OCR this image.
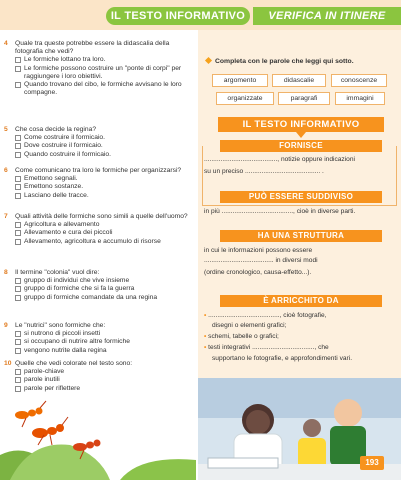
IL TESTO INFORMATIVO	VERIFICA IN ITINERE
4	Quale tra queste potrebbe essere la didascalia della fotografia che vedi?
Le formiche lottano tra loro.
Le formiche possono costruire un "ponte di corpi" per raggiungere i loro obiettivi.
Quando trovano del cibo, le formiche avvisano le loro compagne.
5	Che cosa decide la regina?
Come costruire il formicaio.
Dove costruire il formicaio.
Quando costruire il formicaio.
6	Come comunicano tra loro le formiche per organizzarsi?
Emettono segnali.
Emettono sostanze.
Lasciano delle tracce.
7	Quali attività delle formiche sono simili a quelle dell'uomo?
Agricoltura e allevamento
Allevamento e cura dei piccoli
Allevamento, agricoltura e accumulo di risorse
8	Il termine "colonia" vuol dire:
gruppo di individui che vive insieme
gruppo di formiche che si fa la guerra
gruppo di formiche comandate da una regina
9	Le "nutrici" sono formiche che:
si nutrono di piccoli insetti
si occupano di nutrire altre formiche
vengono nutrite dalla regina
10 Quelle che vedi colorate nel testo sono:
parole-chiave
parole inutili
parole per riflettere
Completa con le parole che leggi qui sotto.
argomento	didascalie	conoscenze
organizzate	paragrafi	immagini
IL TESTO INFORMATIVO
FORNISCE
........................................, notizie oppure indicazioni
su un preciso ......................................... .
PUÒ ESSERE SUDDIVISO
in più ......................................., cioè in diverse parti.
HA UNA STRUTTURA
in cui le informazioni possono essere
...................................... in diversi modi
(ordine cronologico, causa-effetto...).
È ARRICCHITO DA
• ......................................., cioè fotografie,
disegni o elementi grafici;
• schemi, tabelle o grafici;
• testi integrativi .................................., che
supportano le fotografie, e approfondimenti vari.
193
